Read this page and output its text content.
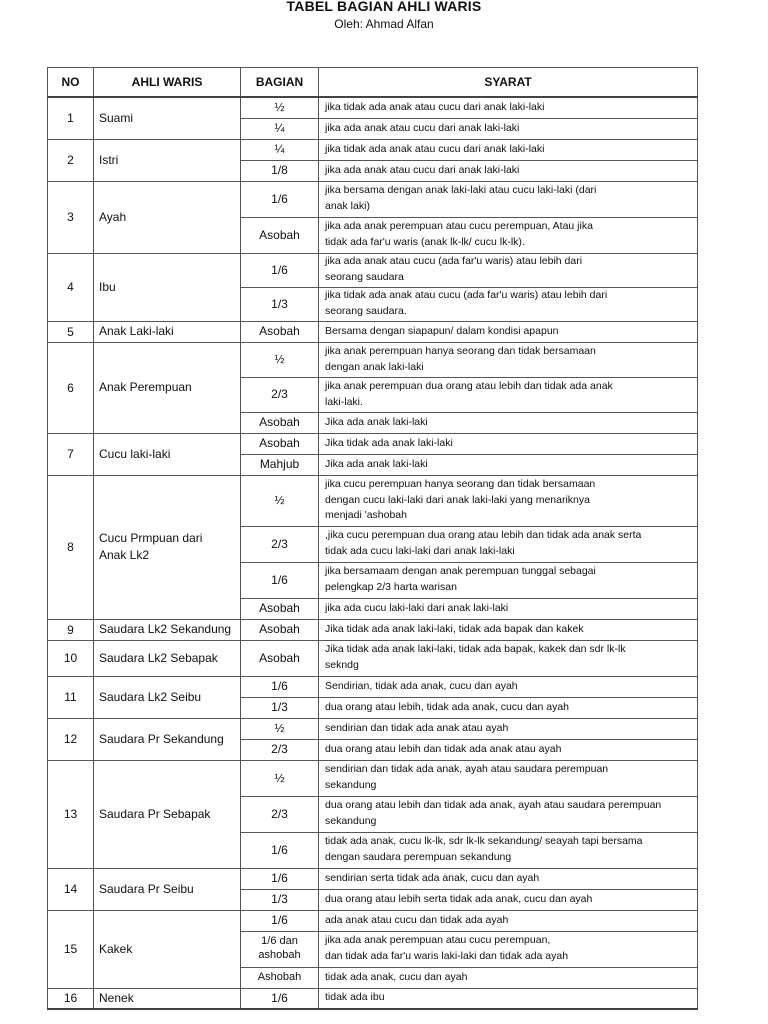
TABEL BAGIAN AHLI WARIS
Oleh: Ahmad Alfan
NO	AHLI WARIS	BAGIAN	SYARAT
1	Suami	½	jika tidak ada anak atau cucu dari anak laki-laki
		¼	jika ada anak atau cucu dari anak laki-laki
2	Istri	¼	jika tidak ada anak atau cucu dari anak laki-laki
		1/8	jika ada anak atau cucu dari anak laki-laki
3	Ayah	1/6	jika bersama dengan anak laki-laki atau cucu laki-laki (dari
anak laki)
		Asobah	jika ada anak perempuan atau cucu perempuan, Atau jika
tidak ada far'u waris (anak lk-lk/ cucu lk-lk).
4	Ibu	1/6	jika ada anak atau cucu (ada far'u waris) atau lebih dari
seorang saudara
		1/3	jika tidak ada anak atau cucu (ada far'u waris) atau lebih dari
seorang saudara.
5	Anak Laki-laki	Asobah	Bersama dengan siapapun/ dalam kondisi apapun
6	Anak Perempuan	½	jika anak perempuan hanya seorang dan tidak bersamaan
dengan anak laki-laki
		2/3	jika anak perempuan dua orang atau lebih dan tidak ada anak
laki-laki.
		Asobah	Jika ada anak laki-laki
7	Cucu laki-laki	Asobah	Jika tidak ada anak laki-laki
		Mahjub	Jika ada anak laki-laki
8	Cucu Prmpuan dari
Anak Lk2	½	jika cucu perempuan hanya seorang dan tidak bersamaan
dengan cucu laki-laki dari anak laki-laki yang menariknya
menjadi 'ashobah
		2/3	,jika cucu perempuan dua orang atau lebih dan tidak ada anak serta
tidak ada cucu laki-laki dari anak laki-laki
		1/6	jika bersamaam dengan anak perempuan tunggal sebagai
pelengkap 2/3 harta warisan
		Asobah	jika ada cucu laki-laki dari anak laki-laki
9	Saudara Lk2 Sekandung	Asobah	Jika tidak ada anak laki-laki, tidak ada bapak dan kakek
10	Saudara Lk2 Sebapak	Asobah	Jika tidak ada anak laki-laki, tidak ada bapak, kakek dan sdr lk-lk
sekndg
11	Saudara Lk2 Seibu	1/6	Sendirian, tidak ada anak, cucu dan ayah
		1/3	dua orang atau lebih, tidak ada anak, cucu dan ayah
12	Saudara Pr Sekandung	½	sendirian dan tidak ada anak atau ayah
		2/3	dua orang atau lebih dan tidak ada anak atau ayah
13	Saudara Pr Sebapak	½	sendirian dan tidak ada anak, ayah atau saudara perempuan
sekandung
		2/3	dua orang atau lebih dan tidak ada anak, ayah atau saudara perempuan
sekandung
		1/6	tidak ada anak, cucu lk-lk, sdr lk-lk sekandung/ seayah tapi bersama
dengan saudara perempuan sekandung
14	Saudara Pr Seibu	1/6	sendirian serta tidak ada anak, cucu dan ayah
		1/3	dua orang atau lebih serta tidak ada anak, cucu dan ayah
15	Kakek	1/6	ada anak atau cucu dan tidak ada ayah
		1/6 dan
ashobah	jika ada anak perempuan atau cucu perempuan,
dan tidak ada far'u waris laki-laki dan tidak ada ayah
		Ashobah	tidak ada anak, cucu dan ayah
16	Nenek	1/6	tidak ada ibu
